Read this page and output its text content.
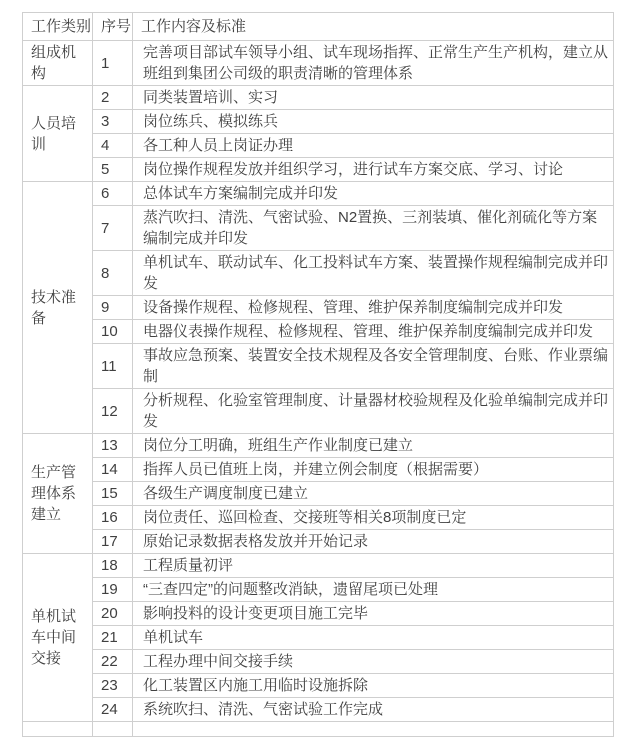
工作类别	序号	工作内容及标准
组成机构	1	完善项目部试车领导小组、试车现场指挥、正常生产生产机构，建立从班组到集团公司级的职责清晰的管理体系
人员培训	2	同类装置培训、实习
	3	岗位练兵、模拟练兵
	4	各工种人员上岗证办理
	5	岗位操作规程发放并组织学习，进行试车方案交底、学习、讨论
技术准备	6	总体试车方案编制完成并印发
	7	蒸汽吹扫、清洗、气密试验、N2置换、三剂装填、催化剂硫化等方案编制完成并印发
	8	单机试车、联动试车、化工投料试车方案、装置操作规程编制完成并印发
	9	设备操作规程、检修规程、管理、维护保养制度编制完成并印发
	10	电器仪表操作规程、检修规程、管理、维护保养制度编制完成并印发
	11	事故应急预案、装置安全技术规程及各安全管理制度、台账、作业票编制
	12	分析规程、化验室管理制度、计量器材校验规程及化验单编制完成并印发
生产管理体系建立	13	岗位分工明确，班组生产作业制度已建立
	14	指挥人员已值班上岗，并建立例会制度（根据需要）
	15	各级生产调度制度已建立
	16	岗位责任、巡回检查、交接班等相关8项制度已定
	17	原始记录数据表格发放并开始记录
单机试车中间交接	18	工程质量初评
	19	“三查四定”的问题整改消缺，遗留尾项已处理
	20	影响投料的设计变更项目施工完毕
	21	单机试车
	22	工程办理中间交接手续
	23	化工装置区内施工用临时设施拆除
	24	系统吹扫、清洗、气密试验工作完成
